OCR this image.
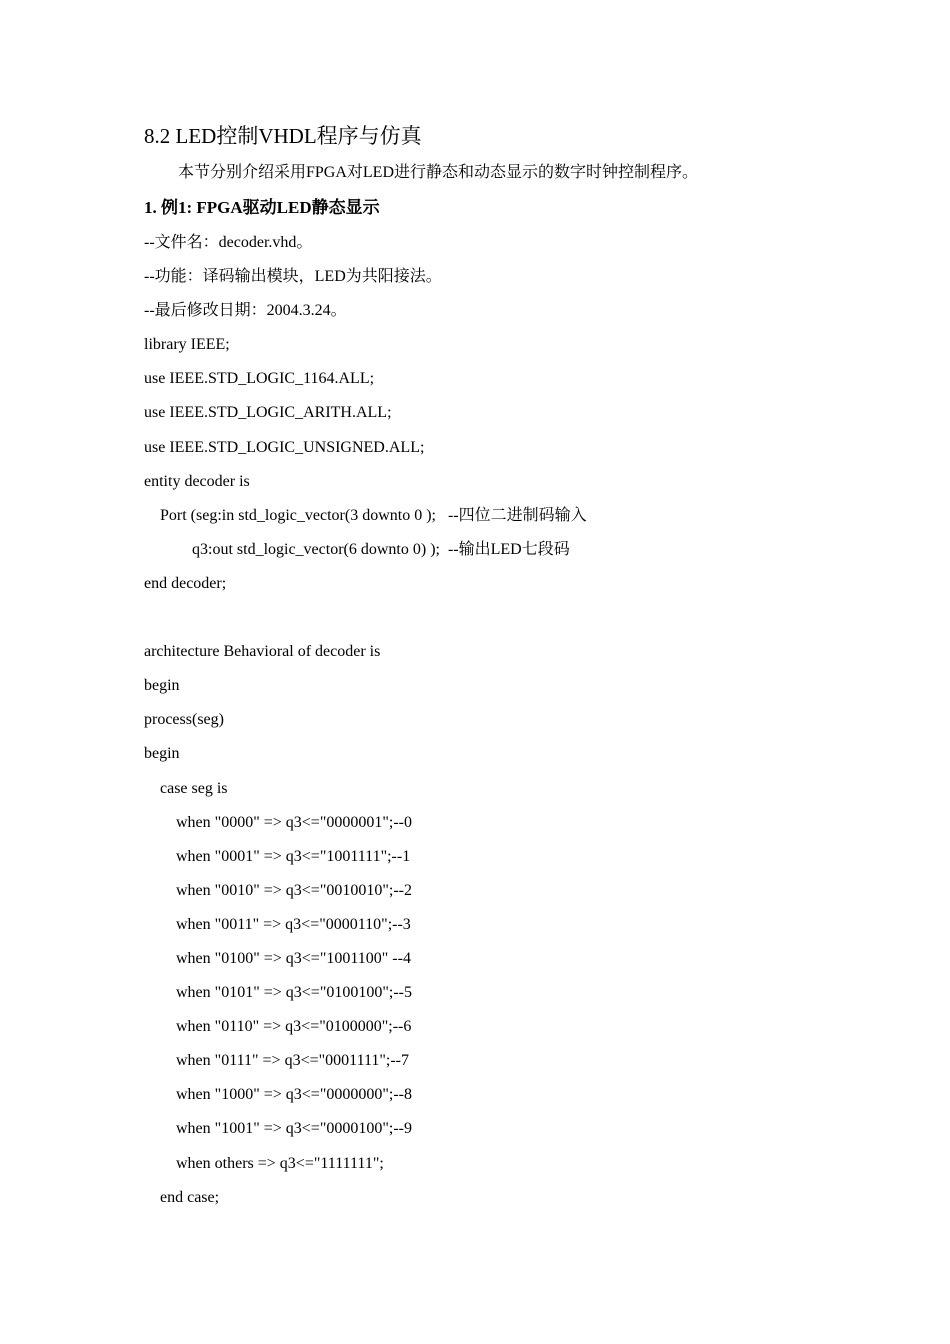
8.2 LED控制VHDL程序与仿真
本节分别介绍采用FPGA对LED进行静态和动态显示的数字时钟控制程序。
1. 例1: FPGA驱动LED静态显示
--文件名：decoder.vhd。
--功能：译码输出模块，LED为共阳接法。
--最后修改日期：2004.3.24。
library IEEE;
use IEEE.STD_LOGIC_1164.ALL;
use IEEE.STD_LOGIC_ARITH.ALL;
use IEEE.STD_LOGIC_UNSIGNED.ALL;
entity decoder is
Port (seg:in std_logic_vector(3 downto 0 );   --四位二进制码输入
q3:out std_logic_vector(6 downto 0) );  --输出LED七段码
end decoder;
architecture Behavioral of decoder is
begin
process(seg)
begin
case seg is
when "0000" => q3<="0000001";--0
when "0001" => q3<="1001111";--1
when "0010" => q3<="0010010";--2
when "0011" => q3<="0000110";--3
when "0100" => q3<="1001100" --4
when "0101" => q3<="0100100";--5
when "0110" => q3<="0100000";--6
when "0111" => q3<="0001111";--7
when "1000" => q3<="0000000";--8
when "1001" => q3<="0000100";--9
when others => q3<="1111111";
end case;
